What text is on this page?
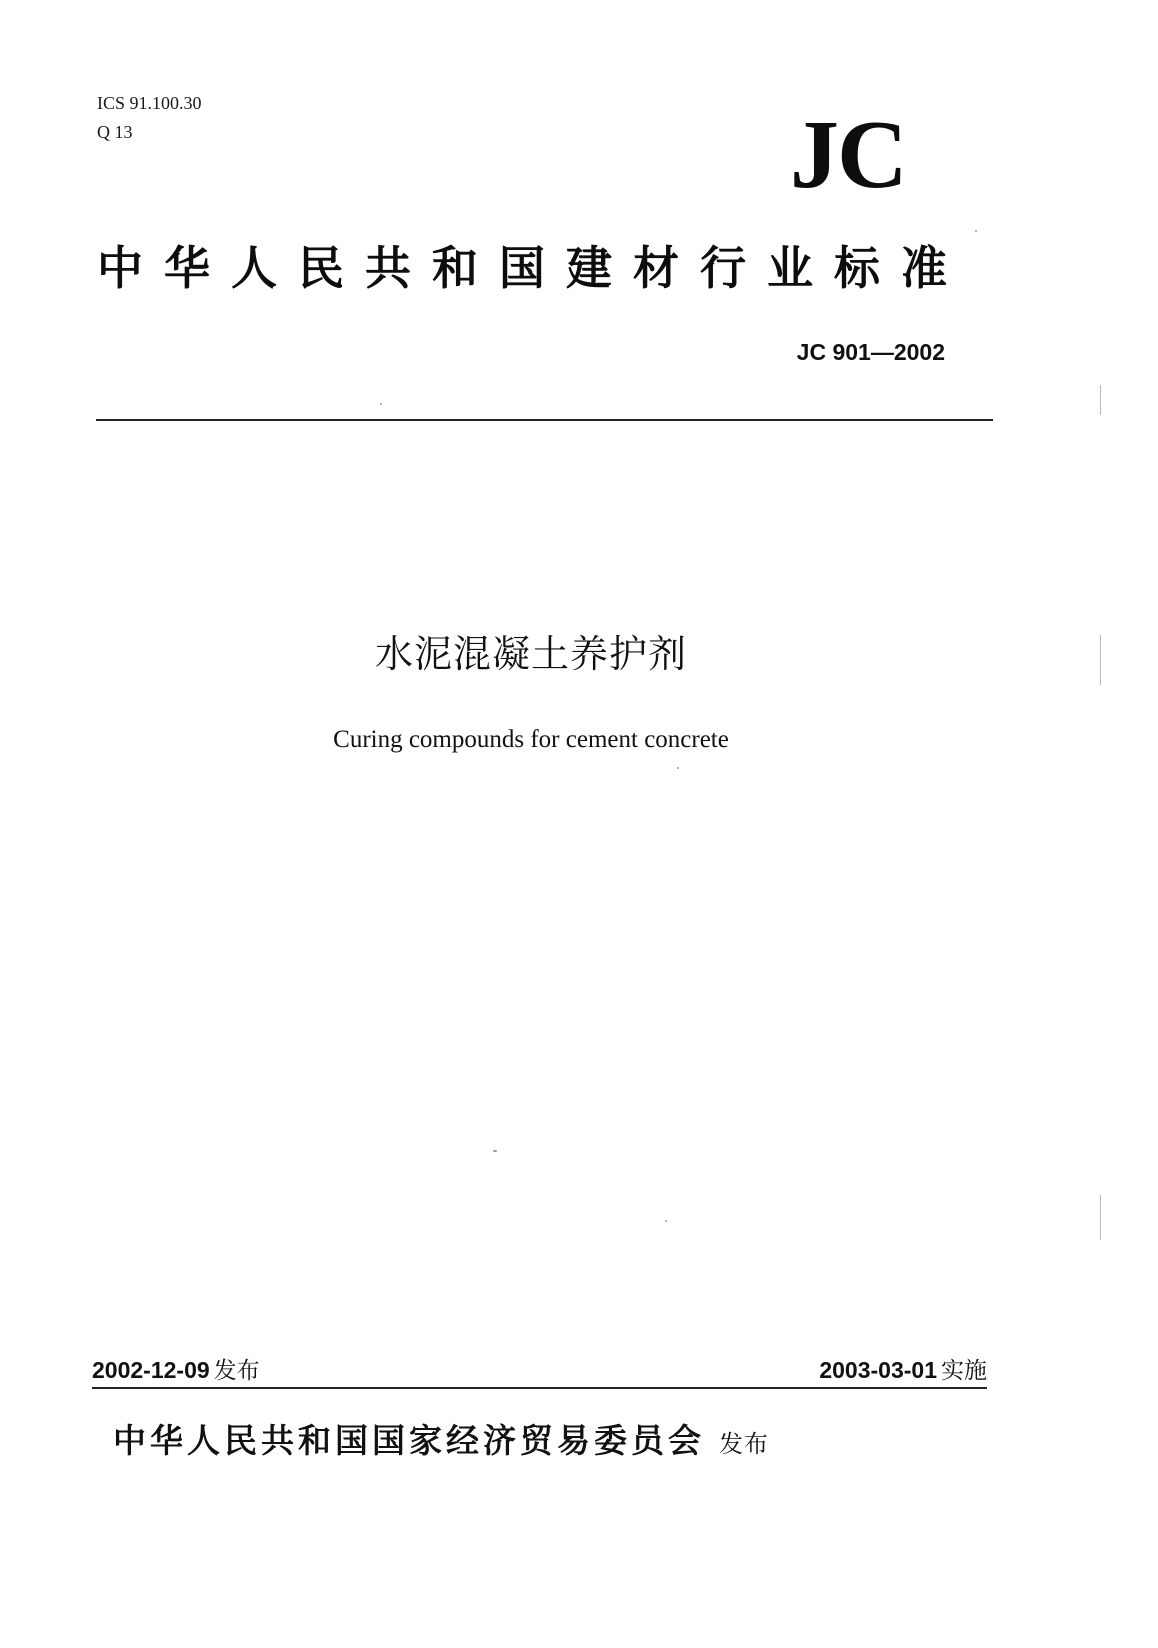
ICS 91.100.30
Q 13	JC
中华人民共和国建材行业标准
JC 901—2002
水泥混凝土养护剂
Curing compounds for cement concrete
2002-12-09 发布	2003-03-01 实施
中华人民共和国国家经济贸易委员会 发布
